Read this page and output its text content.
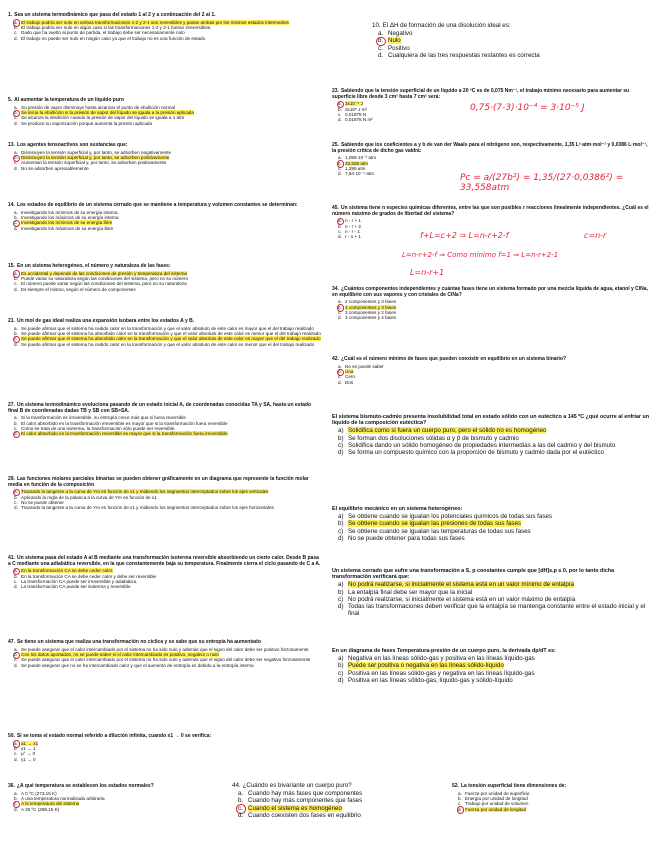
1. Sea un sistema termodinámico que pasa del estado 1 al 2 y a continuación del 2 al 1.
a. El trabajo podría ser nulo en ambas transformaciones 1-2 y 2-1 son reversibles y pasan ambas por los mismos estados intermedios
b. El trabajo podría ser nulo en algún caso si las transformaciones 1-2 y 2-1 fueran irreversibles.
c. Dado que ha vuelto al punto de partida, el trabajo debe ser necesariamente nulo
d. El trabajo no puede ser nulo en ningún caso ya que el trabajo no es una función de estado
5. Al aumentar la temperatura de un líquido puro
a. Su presión de vapor disminuye hasta alcanzar el punto de ebullición normal
b. Se inicia la ebullición si la presión de vapor del líquido se iguala a la presión aplicada
c. Se alcanza la ebullición cuando la presión de vapor del líquido se iguala a 1 atm
d. Se produce su vaporización porque aumenta la presión aplicada
13. Los agentes tensoactivos son sustancias que:
a. Disminuyen la tensión superficial y, por tanto, se adsorben negativamente
b. Disminuyen la tensión superficial y, por tanto, se adsorben positivamente
c. Aumentan la tensión superficial y, por tanto, se adsorben positivamente
d. No se adsorben apreciablemente
14. Los estados de equilibrio de un sistema cerrado que se mantiene a temperatura y volumen constantes se determinan:
a. Investigando los mínimos de su energía interna
b. Investigando los máximos de su energía interna
c. Investigando los mínimos de su energía libre
d. Investigando los máximos de su energía libre
15. En un sistema heterogéneo, el número y naturaleza de las fases:
a. Es accidental y depende de las condiciones de presión y temperatura del sistema
b. Puede variar su naturaleza según las condiciones del sistema, pero no su número
c. El número puede variar según las condiciones del sistema, pero no su naturaleza
d. Es siempre el mismo, según el número de componentes
21. Un mol de gas ideal realiza una expansión isobara entre los estados A y B.
a. Se puede afirmar que el sistema ha cedido calor en la transformación y que el valor absoluto de este calor es mayor que el del trabajo realizado
b. Se puede afirmar que el sistema ha absorbido calor en la transformación y que el valor absoluto de este calor es menor que el del trabajo realizado
c. Se puede afirmar que el sistema ha absorbido calor en la transformación y que el valor absoluto de este calor es mayor que el del trabajo realizado
d. Se puede afirmar que el sistema ha cedido calor en la transformación y que el valor absoluto de este calor es menor que el del trabajo realizado
27. Un sistema termodinámico evoluciona pasando de un estado inicial A, de coordenadas conocidas TA y SA, hasta un estado final B de coordenadas dadas TB y SB con SB>SA.
a. Si la transformación es irreversible, su entropía crece más que si fuera reversible
b. El calor absorbido en la transformación irreversible es mayor que si la transformación fuera reversible
c. Como se trata de una isoterma, la transformación sólo puede ser reversible.
d. El calor absorbido en la transformación reversible es mayor que si la transformación fuera irreversible
29. Las funciones molares parciales binarias se pueden obtener gráficamente en un diagrama que represente la función molar media en función de la composición
a. Trazando la tangente a la curva de Ym en función de x1 y midiendo los segmentos interceptados sobre los ejes verticales
b. Aplicando la regla de la palanca a la curva de Ym en función de x1
c. No se puede obtener
d. Trazando la tangente a la curva de Ym en función de x1 y midiendo los segmentos interceptados sobre los ejes horizontales
41. Un sistema pasa del estado A al B mediante una transformación isoterma reversible absorbiendo un cierto calor. Desde B pasa a C mediante una adiabática reversible, en la que constantemente baja su temperatura. Finalmente cierra el ciclo pasando de C a A.
a. En la transformación CA se debe ceder calor.
b. En la transformación CA se debe ceder calor y debe ser reversible
c. La transformación CA puede ser irreversible y adiabática
d. La transformación CA puede ser isoterma y reversible
47. Se tiene un sistema que realiza una transformación no cíclica y se sabe que su entropía ha aumentado
a. Se puede asegurar que el calor intercambiado por el sistema no ha sido nulo y además que el signo del calor debe ser positivo forzosamente
b. Con los datos aportados, no se puede saber si el calor intercambiado es positivo, negativo o nulo
c. Se puede asegurar que el calor intercambiado por el sistema no ha sido nulo y además que el signo del calor debe ser negativo forzosamente
d. Se puede asegurar que no se ha intercambiado calor y que el aumento de entropía es debido a la entropía interna
50. Si se toma el estado normal referido a dilución infinita, cuando x1 → 0 se verifica:
a. a1 → x1
b. γ1 → 1
c. μ° → 0
d. γ1 → 0
36. ¿A qué temperatura se establecen los estados normales?
a. A 0 ºC (273,15 K)
b. A una temperatura normalizada arbitraria
c. A la temperatura del sistema
d. A 25 ºC (298,15 K)
44. ¿Cuándo es bivariante un cuerpo puro?
a. Cuando hay más fases que componentes
b. Cuando hay más componentes que fases
c. Cuando el sistema es homogéneo
d. Cuando coexisten dos fases en equilibrio
52. La tensión superficial tiene dimensiones de:
a. Fuerza por unidad de superficie
b. Energía por unidad de longitud
c. Trabajo por unidad de volumen
d. Fuerza por unidad de longitud
10. El ΔH de formación de una disolución ideal es:
a. Negativo
b. Nulo
c. Positivo
d. Cualquiera de las tres respuestas restantes es correcta
23. Sabiendo que la tensión superficial de un líquido a 20 ºC es de 0,075 Nm⁻¹, el trabajo mínimo necesario para aumentar su superficie libre desde 3 cm² hasta 7 cm² será:
a. 3x10⁻⁵ J
b. 3x10⁵ J m²
c. 0,01875 N
d. 0,01875 N m²
25. Sabiendo que los coeficientes a y b de van der Waals para el nitrógeno son, respectivamente, 1,35 L²·atm·mol⁻² y 0,0386 L·mol⁻¹, la presión crítica de dicho gas valdrá:
a. 1,059·10⁻³ atm
b. 33,558 atm
c. 1,295 atm
d. 7,84·10⁻⁴ atm
45. Un sistema tiene n especies químicas diferentes, entre las que son posibles r reacciones linealmente independientes. ¿Cuál es el número máximo de grados de libertad del sistema?
a. n - r + 1
b. n - r + 2
c. n - r - 1
d. r - n + 1
34. ¿Cuántos componentes independientes y cuántas fases tiene un sistema formado por una mezcla líquida de agua, etanol y ClNa, en equilibrio con sus vapores y con cristales de ClNa?
a. 2 componentes y 3 fases
b. 3 componentes y 3 fases
c. 3 componentes y 2 fases
d. 3 componentes y 4 fases
42. ¿Cuál es el número mínimo de fases que pueden coexistir en equilibrio en un sistema binario?
a. No se puede saber
b. Una
c. Cero
d. Dos
El sistema bismuto-cadmio presenta insolubilidad total en estado sólido con un eutéctico a 145 ºC ¿qué ocurre al enfriar un líquido de la composición eutéctica?
a) Solidifica como si fuera un cuerpo puro, pero el sólido no es homogéneo
b) Se forman dos disoluciones sólidas α y β de bismuto y cadmio
c) Solidifica dando un sólido homogéneo de propiedades intermedias a las del cadmio y del bismuto
d) Se forma un compuesto químico con la proporción de bismuto y cadmio dada por el eutéctico
El equilibrio mecánico en un sistema heterogéneo:
a) Se obtiene cuando se igualan los potenciales químicos de todas sus fases
b) Se obtiene cuando se igualan las presiones de todas sus fases
c) Se obtiene cuando se igualan las temperaturas de todas sus fases
d) No se puede obtener para todas sus fases
Un sistema cerrado que sufre una transformación a S, p constantes cumple que [dH]s,p ≤ 0, por lo tanto dicha transformación verificará que:
a) No podrá realizarse, si inicialmente el sistema está en un valor mínimo de entalpía
b) La entalpía final debe ser mayor que la inicial
c) No podrá realizarse, si inicialmente el sistema está en un valor máximo de entalpía
d) Todas las transformaciones deben verificar que la entalpía se mantenga constante entre el estado inicial y el final
En un diagrama de fases Temperatura-presión de un cuerpo puro, la derivada dp/dT es:
a) Negativa en las líneas sólido-gas y positiva en las líneas líquido-gas
b) Puede ser positiva o negativa en las líneas sólido-líquido
c) Positiva en las líneas sólido-gas y negativa en las líneas líquido-gas
d) Positiva en las líneas sólido-gas, líquido-gas y sólido-líquido
0,75·(7-3)·10⁻⁴ = 3·10⁻⁵ J
Pc = a/(27b²) = 1,35/(27·0,0386²) = 33,558atm
f+L=c+2 ⇒ L=n-r+2-f	c=n-r
L=n-r+2-f ⇒ Como mínimo f=1 ⇒ L=n-r+2-1
L=n-r+1
